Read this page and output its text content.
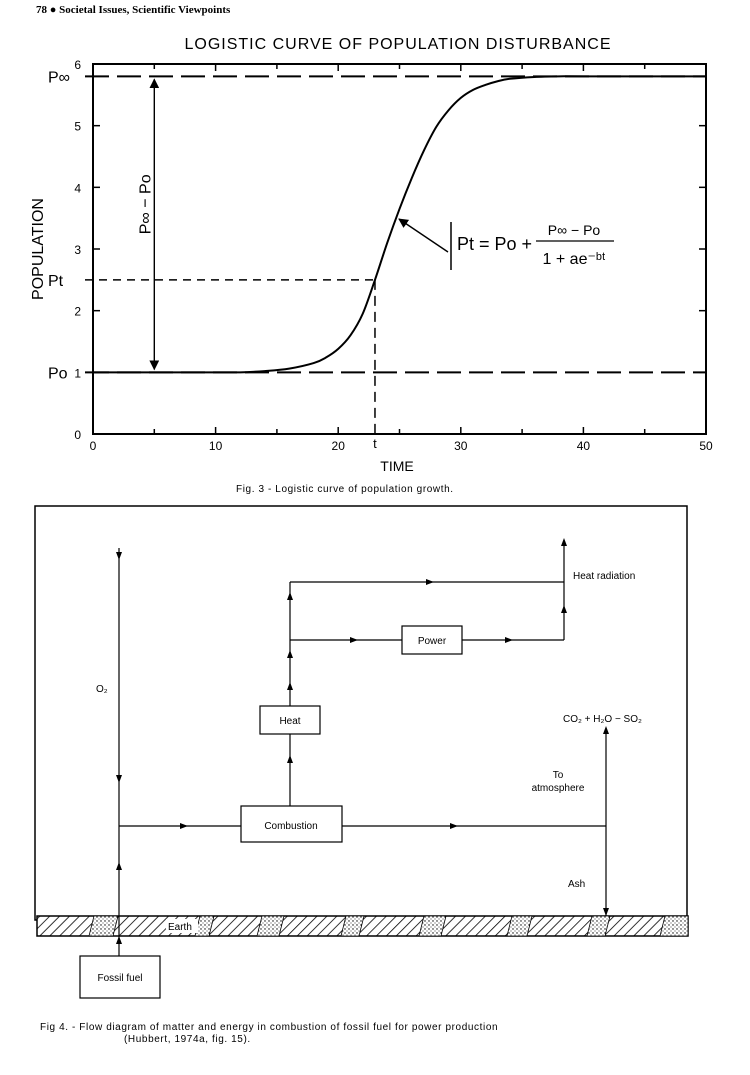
78 ● Societal Issues, Scientific Viewpoints
LOGISTIC CURVE OF POPULATION DISTURBANCE
P∞ − Po
Pt = Po +
P∞ − Po
1 + ae⁻ᵇᵗ
TIME
POPULATION
0	10	20	30	40	50
0
1
2
3
4
5
6
P∞
Pt
Po
t
Fig. 3 - Logistic curve of population growth.
Earth
Power
Heat
Combustion
Fossil fuel
Heat radiation
O₂
CO₂ + H₂O − SO₂
To
atmosphere
Ash
Fig 4. - Flow diagram of matter and energy in combustion of fossil fuel for power production
(Hubbert, 1974a, fig. 15).
